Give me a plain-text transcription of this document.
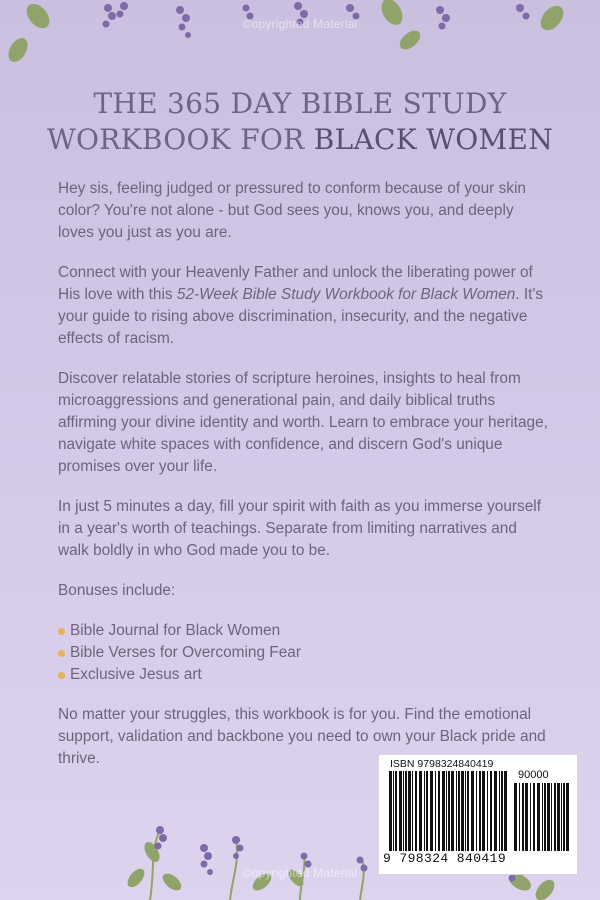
©opyrighted Material
THE 365 DAY BIBLE STUDY
WORKBOOK FOR BLACK WOMEN

Hey sis, feeling judged or pressured to conform because of your skin color? You're not alone - but God sees you, knows you, and deeply loves you just as you are.

Connect with your Heavenly Father and unlock the liberating power of His love with this 52-Week Bible Study Workbook for Black Women. It's your guide to rising above discrimination, insecurity, and the negative effects of racism.

Discover relatable stories of scripture heroines, insights to heal from microaggressions and generational pain, and daily biblical truths affirming your divine identity and worth. Learn to embrace your heritage, navigate white spaces with confidence, and discern God's unique promises over your life.

In just 5 minutes a day, fill your spirit with faith as you immerse yourself in a year's worth of teachings. Separate from limiting narratives and walk boldly in who God made you to be.

Bonuses include:

Bible Journal for Black Women
Bible Verses for Overcoming Fear
Exclusive Jesus art

No matter your struggles, this workbook is for you. Find the emotional support, validation and backbone you need to own your Black pride and thrive.

©opyrighted Material
ISBN 9798324840419
90000
9 798324 840419
